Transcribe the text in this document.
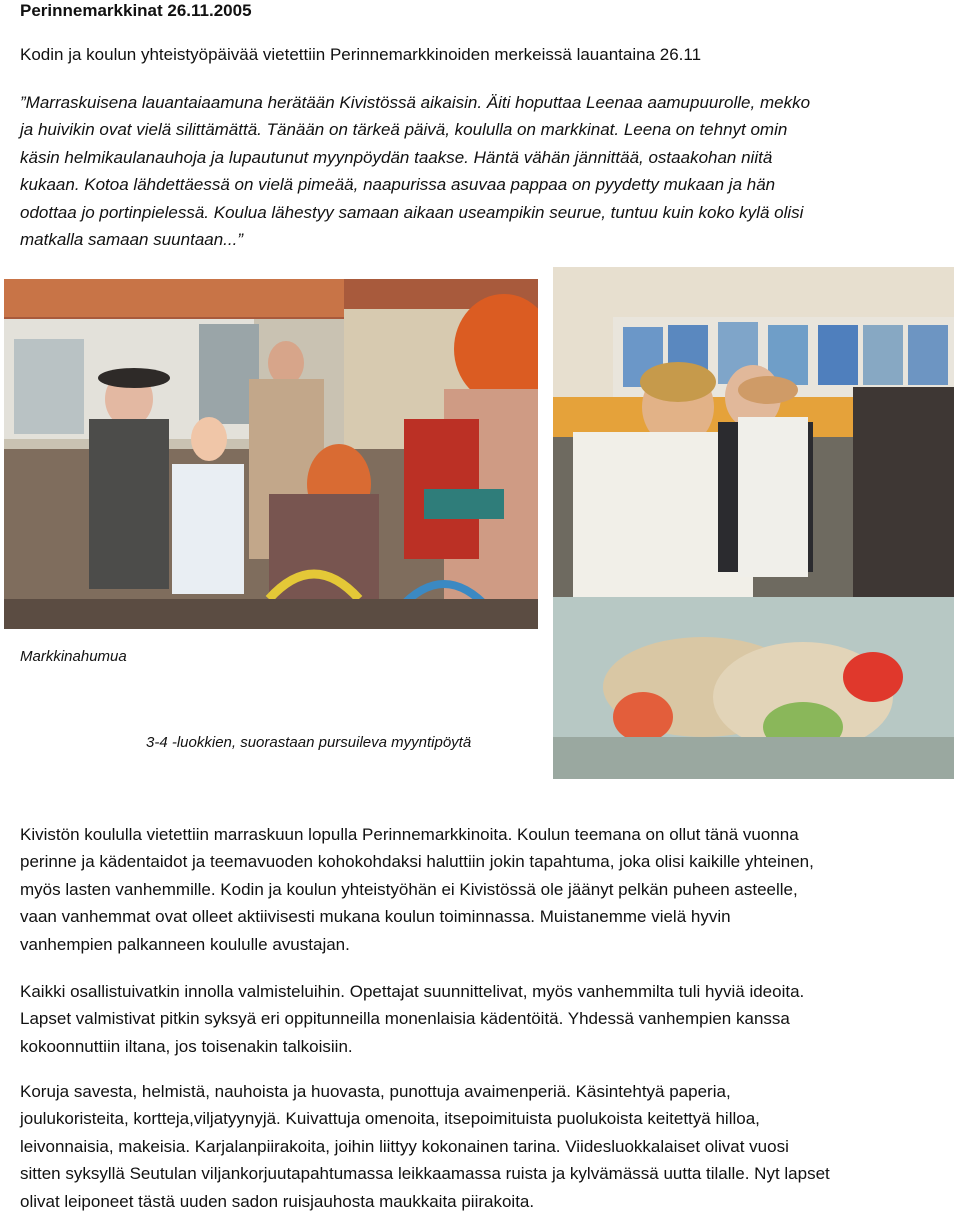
Perinnemarkkinat 26.11.2005
Kodin ja koulun yhteistyöpäivää vietettiin Perinnemarkkinoiden merkeissä lauantaina 26.11
”Marraskuisena lauantaiaamuna herätään Kivistössä aikaisin. Äiti hoputtaa Leenaa aamupuurolle, mekko
ja huivikin ovat vielä silittämättä. Tänään on tärkeä päivä, koululla on markkinat. Leena on tehnyt omin
käsin helmikaulanauhoja ja lupautunut myynpöydän taakse. Häntä vähän jännittää, ostaakohan niitä
kukaan. Kotoa lähdettäessä on vielä pimeää, naapurissa asuvaa pappaa on pyydetty mukaan ja hän
odottaa jo portinpielessä. Koulua lähestyy samaan aikaan useampikin seurue, tuntuu kuin koko kylä olisi
matkalla samaan suuntaan...”
Markkinahumua
3-4 -luokkien, suorastaan pursuileva myyntipöytä
Kivistön koululla vietettiin marraskuun lopulla Perinnemarkkinoita. Koulun teemana on ollut tänä vuonna
perinne ja kädentaidot ja teemavuoden kohokohdaksi haluttiin jokin tapahtuma, joka olisi kaikille yhteinen,
myös lasten vanhemmille. Kodin ja koulun yhteistyöhän ei Kivistössä ole jäänyt pelkän puheen asteelle,
vaan vanhemmat ovat olleet aktiivisesti mukana koulun toiminnassa. Muistanemme vielä hyvin
vanhempien palkanneen koululle avustajan.
Kaikki osallistuivatkin innolla valmisteluihin. Opettajat suunnittelivat, myös vanhemmilta tuli hyviä ideoita.
Lapset valmistivat pitkin syksyä eri oppitunneilla monenlaisia kädentöitä. Yhdessä vanhempien kanssa
kokoonnuttiin iltana, jos toisenakin talkoisiin.
Koruja savesta, helmistä, nauhoista ja huovasta, punottuja avaimenperiä. Käsintehtyä paperia,
joulukoristeita, kortteja,viljatyynyjä. Kuivattuja omenoita, itsepoimituista puolukoista keitettyä hilloa,
leivonnaisia, makeisia. Karjalanpiirakoita, joihin liittyy kokonainen tarina. Viidesluokkalaiset olivat vuosi
sitten syksyllä Seutulan viljankorjuutapahtumassa leikkaamassa ruista ja kylvämässä uutta tilalle. Nyt lapset
olivat leiponeet tästä uuden sadon ruisjauhosta maukkaita piirakoita.
